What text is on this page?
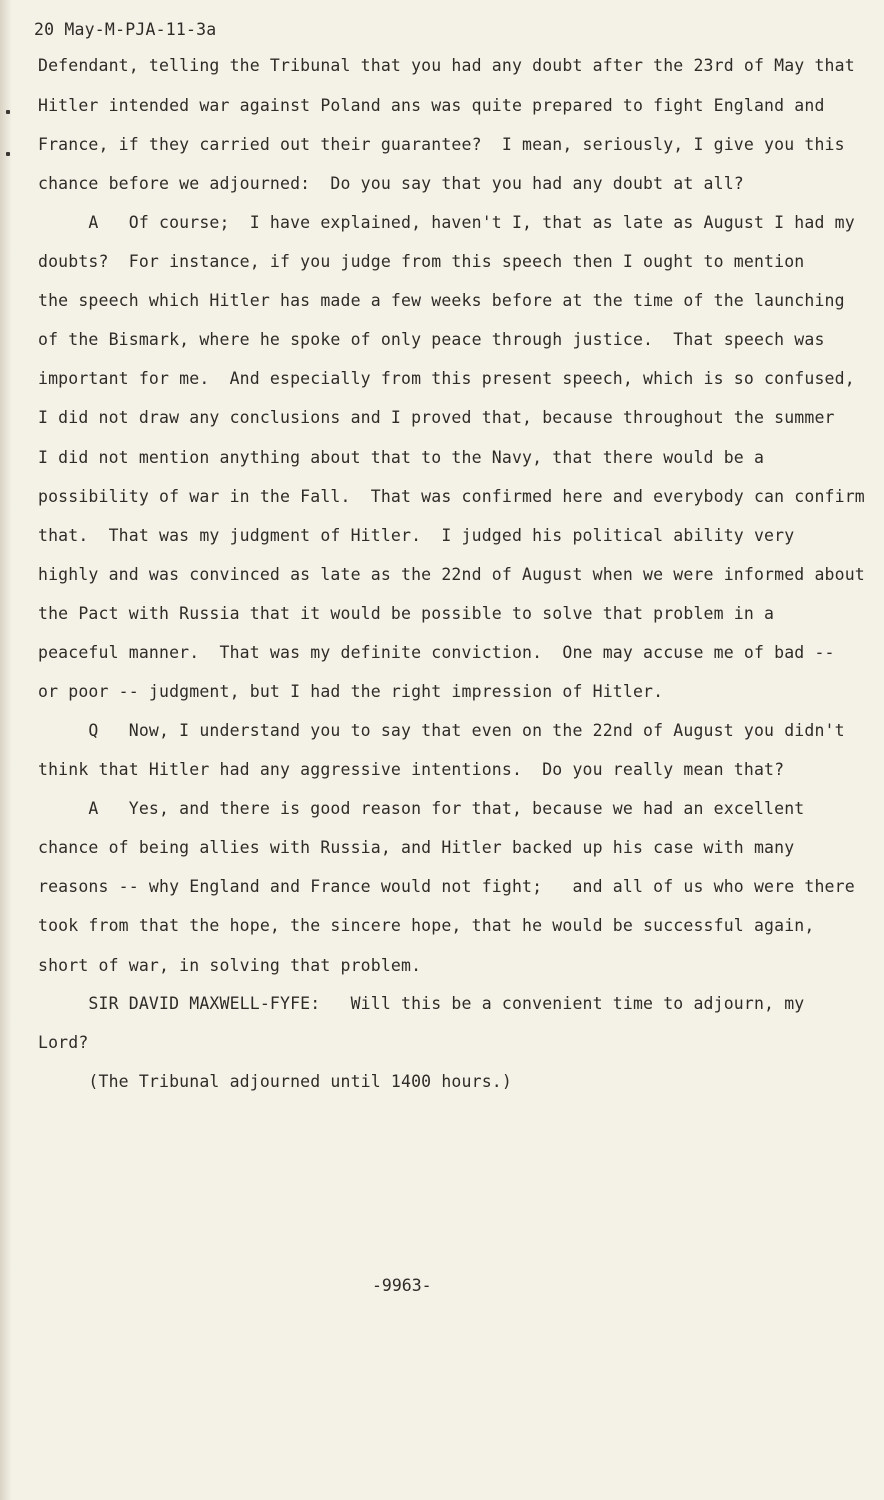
20 May-M-PJA-11-3a
Defendant, telling the Tribunal that you had any doubt after the 23rd of May that
Hitler intended war against Poland ans was quite prepared to fight England and
France, if they carried out their guarantee?  I mean, seriously, I give you this
chance before we adjourned:  Do you say that you had any doubt at all?
A   Of course;  I have explained, haven't I, that as late as August I had my
doubts?  For instance, if you judge from this speech then I ought to mention
the speech which Hitler has made a few weeks before at the time of the launching
of the Bismark, where he spoke of only peace through justice.  That speech was
important for me.  And especially from this present speech, which is so confused,
I did not draw any conclusions and I proved that, because throughout the summer
I did not mention anything about that to the Navy, that there would be a
possibility of war in the Fall.  That was confirmed here and everybody can confirm
that.  That was my judgment of Hitler.  I judged his political ability very
highly and was convinced as late as the 22nd of August when we were informed about
the Pact with Russia that it would be possible to solve that problem in a
peaceful manner.  That was my definite conviction.  One may accuse me of bad --
or poor -- judgment, but I had the right impression of Hitler.
Q   Now, I understand you to say that even on the 22nd of August you didn't
think that Hitler had any aggressive intentions.  Do you really mean that?
A   Yes, and there is good reason for that, because we had an excellent
chance of being allies with Russia, and Hitler backed up his case with many
reasons -- why England and France would not fight;   and all of us who were there
took from that the hope, the sincere hope, that he would be successful again,
short of war, in solving that problem.
SIR DAVID MAXWELL-FYFE:   Will this be a convenient time to adjourn, my
Lord?
(The Tribunal adjourned until 1400 hours.)
-9963-
